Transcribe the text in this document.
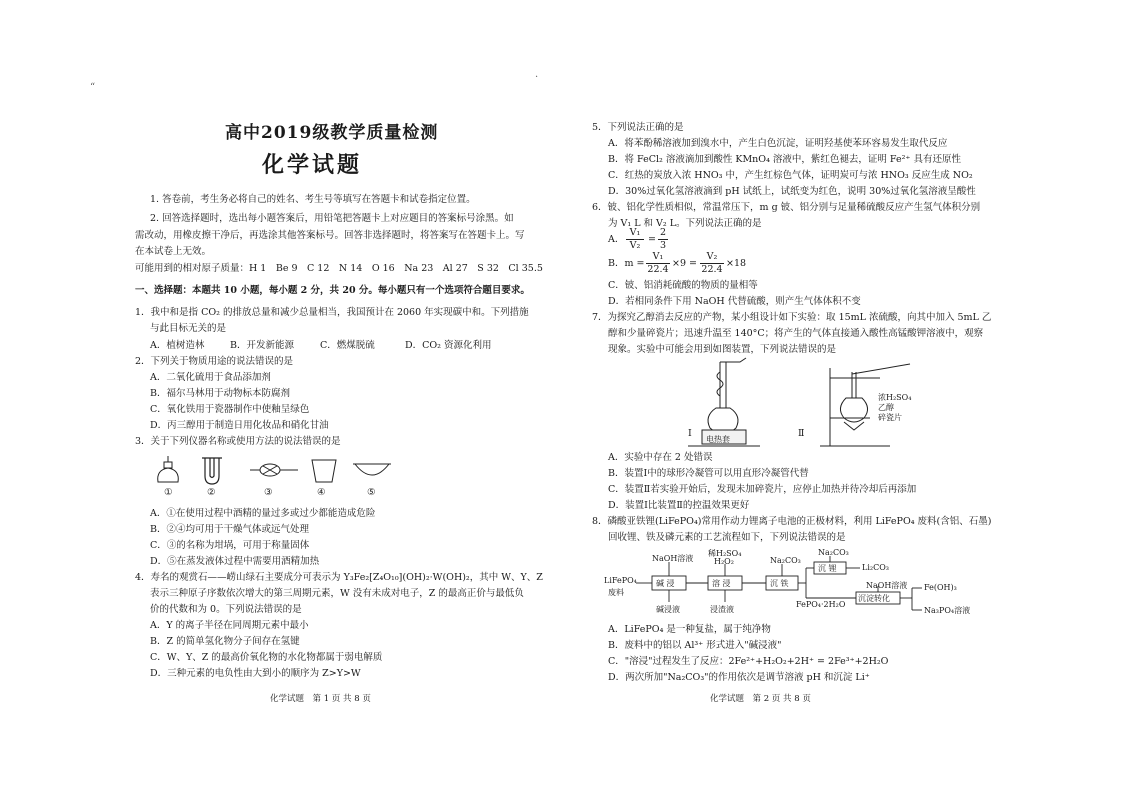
高中2019级教学质量检测
化学试题
1. 答卷前，考生务必将自己的姓名、考生号等填写在答题卡和试卷指定位置。
2. 回答选择题时，选出每小题答案后，用铅笔把答题卡上对应题目的答案标号涂黑。如
需改动，用橡皮擦干净后，再选涂其他答案标号。回答非选择题时，将答案写在答题卡上。写
在本试卷上无效。
可能用到的相对原子质量：H 1　Be 9　C 12　N 14　O 16　Na 23　Al 27　S 32　Cl 35.5
一、选择题：本题共 10 小题，每小题 2 分，共 20 分。每小题只有一个选项符合题目要求。
1．我中和是指 CO₂ 的排放总量和减少总量相当，我国预计在 2060 年实现碳中和。下列措施
与此目标无关的是
A．植树造林	B．开发新能源	C．燃煤脱硫	D．CO₂ 资源化利用
2．下列关于物质用途的说法错误的是
A．二氧化硫用于食品添加剂
B．福尔马林用于动物标本防腐剂
C．氧化铁用于瓷器制作中使釉呈绿色
D．丙三醇用于制造日用化妆品和硝化甘油
3．关于下列仪器名称或使用方法的说法错误的是
①	②	③	④	⑤
A．①在使用过程中酒精的量过多或过少都能造成危险
B．②④均可用于干燥气体或远气处理
C．③的名称为坩埚，可用于称量固体
D．⑤在蒸发液体过程中需要用酒精加热
4．寿名的观赏石——崂山绿石主要成分可表示为 Y₃Fe₂[Z₄O₁₀](OH)₂·W(OH)₂，其中 W、Y、Z
表示三种原子序数依次增大的第三周期元素，W 没有未成对电子，Z 的最高正价与最低负
价的代数和为 0。下列说法错误的是
A．Y 的离子半径在同周期元素中最小
B．Z 的简单氢化物分子间存在氢键
C．W、Y、Z 的最高价氧化物的水化物都属于弱电解质
D．三种元素的电负性由大到小的顺序为 Z>Y>W
化学试题　第 1 页 共 8 页
“
5．下列说法正确的是
A．将苯酚稀溶液加到溴水中，产生白色沉淀，证明羟基使苯环容易发生取代反应
B．将 FeCl₂ 溶液滴加到酸性 KMnO₄ 溶液中，紫红色褪去，证明 Fe²⁺ 具有还原性
C．红热的炭放入浓 HNO₃ 中，产生红棕色气体，证明炭可与浓 HNO₃ 反应生成 NO₂
D．30%过氧化氢溶液滴到 pH 试纸上，试纸变为红色，说明 30%过氧化氢溶液呈酸性
6．铍、铝化学性质相似，常温常压下，m g 铍、铝分别与足量稀硫酸反应产生氢气体积分别
为 V₁ L 和 V₂ L。下列说法正确的是
A．
V₁
V₂
=
2
3
B．m =
V₁
22.4
×9 =
V₂
22.4
×18
C．铍、铝消耗硫酸的物质的量相等
D．若相同条件下用 NaOH 代替硫酸，则产生气体体积不变
7．为探究乙醇消去反应的产物，某小组设计如下实验：取 15mL 浓硫酸，向其中加入 5mL 乙
醇和少量碎瓷片；迅速升温至 140°C；将产生的气体直接通入酸性高锰酸钾溶液中，观察
现象。实验中可能会用到如图装置，下列说法错误的是
Ⅰ
电热套
Ⅱ
浓H₂SO₄
乙醇
碎瓷片
A．实验中存在 2 处错误
B．装置Ⅰ中的球形冷凝管可以用直形冷凝管代替
C．装置Ⅱ若实验开始后，发现未加碎瓷片，应停止加热并待冷却后再添加
D．装置Ⅰ比装置Ⅱ的控温效果更好
8．磷酸亚铁锂(LiFePO₄)常用作动力锂离子电池的正极材料，利用 LiFePO₄ 废料(含铝、石墨)
回收锂、铁及磷元素的工艺流程如下，下列说法错误的是
LiFePO₄
废料
NaOH溶液
碱 浸
碱浸液
稀H₂SO₄
H₂O₂
溶 浸
浸渣液
Na₂CO₃
沉 铁
Na₂CO₃
沉 锂	Li₂CO₃
FePO₄·2H₂O
NaOH溶液
沉淀转化
Fe(OH)₃
Na₃PO₄溶液
A．LiFePO₄ 是一种复盐，属于纯净物
B．废料中的铝以 Al³⁺ 形式进入"碱浸液"
C．"溶浸"过程发生了反应：2Fe²⁺+H₂O₂+2H⁺ = 2Fe³⁺+2H₂O
D．两次所加"Na₂CO₃"的作用依次是调节溶液 pH 和沉淀 Li⁺
化学试题　第 2 页 共 8 页
·
